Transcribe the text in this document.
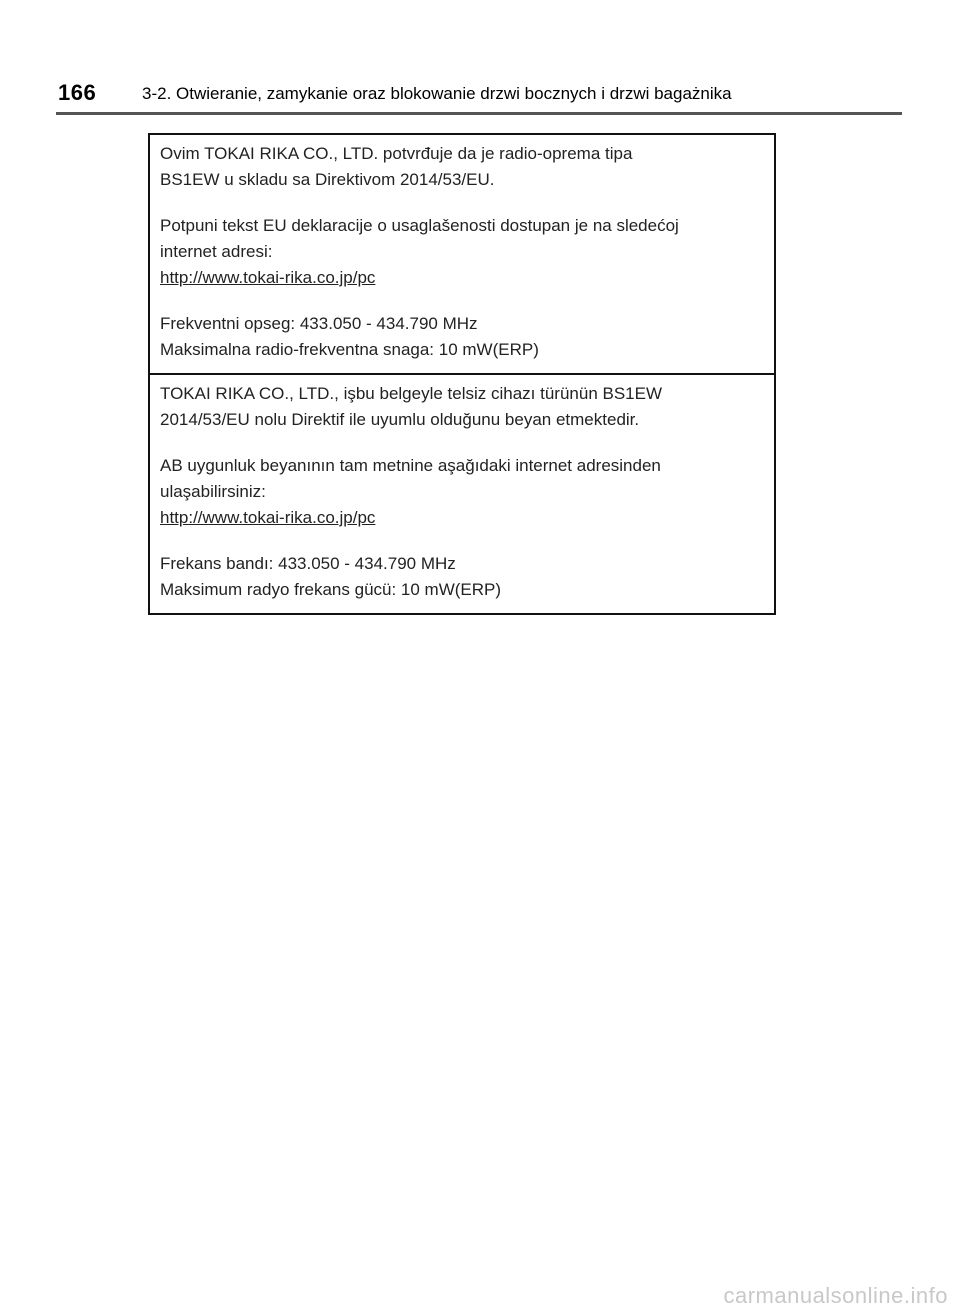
166	3-2. Otwieranie, zamykanie oraz blokowanie drzwi bocznych i drzwi bagażnika

Ovim TOKAI RIKA CO., LTD. potvrđuje da je radio-oprema tipa

BS1EW u skladu sa Direktivom 2014/53/EU.

Potpuni tekst EU deklaracije o usaglašenosti dostupan je na sledećoj

internet adresi:

http://www.tokai-rika.co.jp/pc

Frekventni opseg: 433.050 - 434.790 MHz

Maksimalna radio-frekventna snaga: 10 mW(ERP)

TOKAI RIKA CO., LTD., işbu belgeyle telsiz cihazı türünün BS1EW

2014/53/EU nolu Direktif ile uyumlu olduğunu beyan etmektedir.

AB uygunluk beyanının tam metnine aşağıdaki internet adresinden

ulaşabilirsiniz:

http://www.tokai-rika.co.jp/pc

Frekans bandı: 433.050 - 434.790 MHz

Maksimum radyo frekans gücü: 10 mW(ERP)

carmanualsonline.info
